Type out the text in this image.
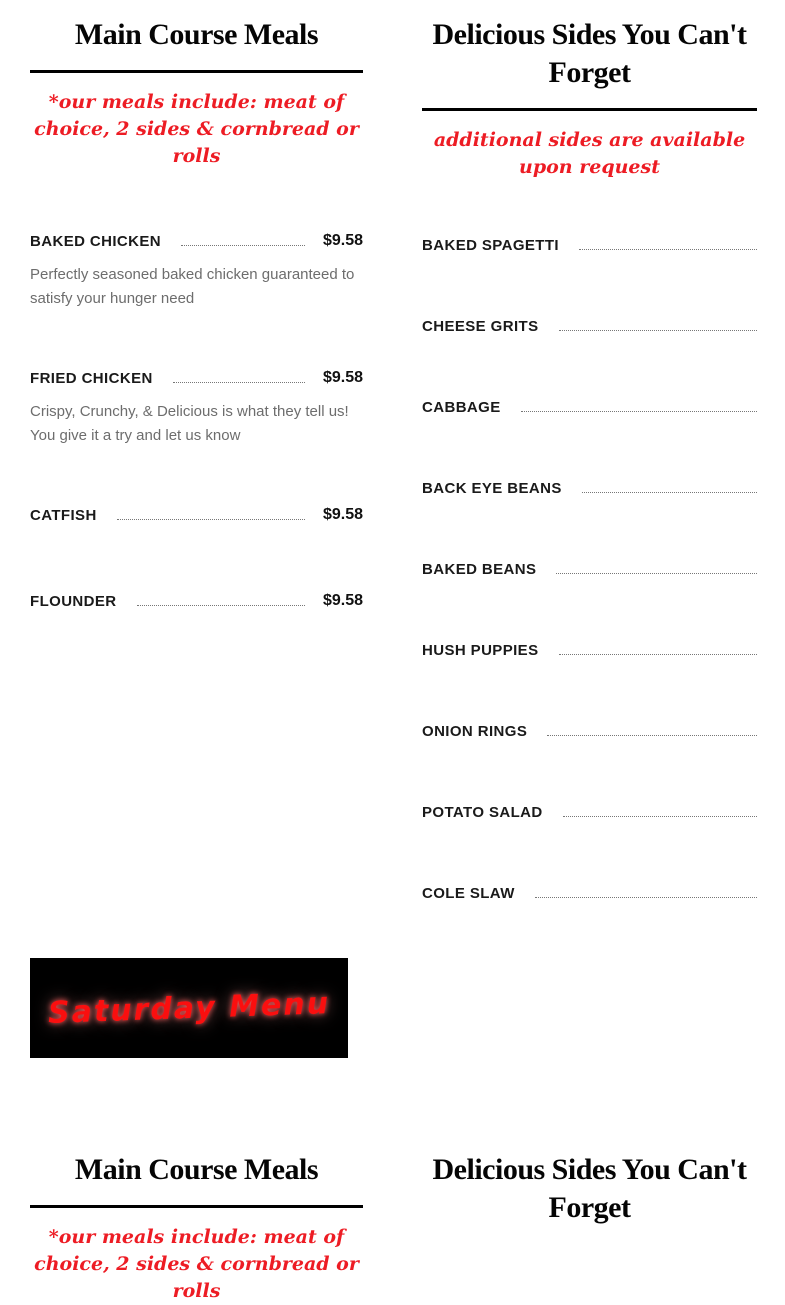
Main Course Meals

*our meals include: meat of choice, 2 sides & cornbread or rolls

BAKED CHICKEN	$9.58

Perfectly seasoned baked chicken guaranteed to satisfy your hunger need

FRIED CHICKEN	$9.58

Crispy, Crunchy, & Delicious is what they tell us! You give it a try and let us know

CATFISH	$9.58
FLOUNDER	$9.58
Delicious Sides You Can't Forget

additional sides are available upon request

BAKED SPAGETTI
CHEESE GRITS
CABBAGE
BACK EYE BEANS
BAKED BEANS
HUSH PUPPIES
ONION RINGS
POTATO SALAD
COLE SLAW
Saturday Menu
Main Course Meals

*our meals include: meat of choice, 2 sides & cornbread or rolls

Delicious Sides You Can't Forget
